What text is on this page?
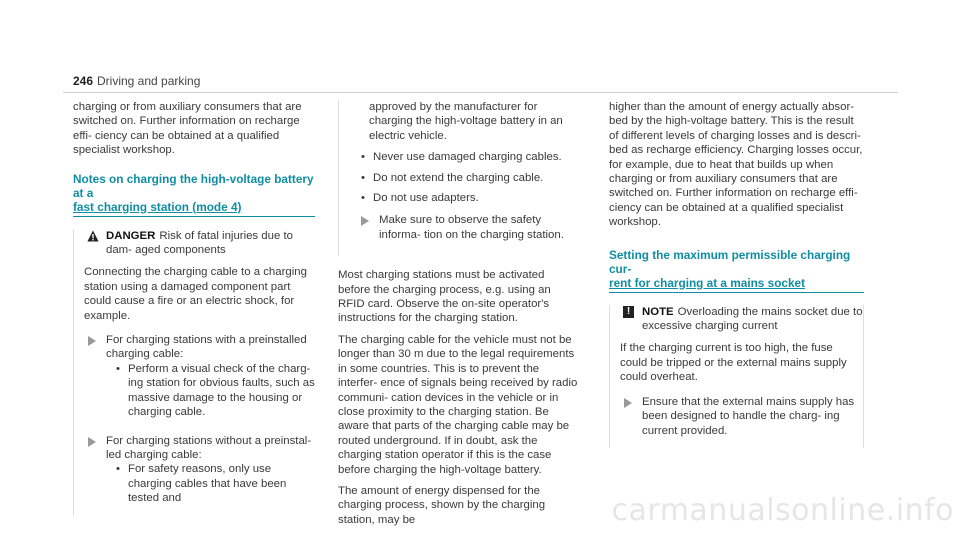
246 Driving and parking

charging or from auxiliary consumers that are switched on. Further information on recharge effi- ciency can be obtained at a qualified specialist workshop.

Notes on charging the high-voltage battery at a
fast charging station (mode 4)
DANGER Risk of fatal injuries due to dam- aged components

Connecting the charging cable to a charging station using a damaged component part could cause a fire or an electric shock, for example.

For charging stations with a preinstalled charging cable:
• Perform a visual check of the charg- ing station for obvious faults, such as massive damage to the housing or charging cable.
For charging stations without a preinstal- led charging cable:
• For safety reasons, only use charging cables that have been tested and

approved by the manufacturer for charging the high-voltage battery in an electric vehicle.

• Never use damaged charging cables.
• Do not extend the charging cable.
• Do not use adapters.
Make sure to observe the safety informa- tion on the charging station.

Most charging stations must be activated before the charging process, e.g. using an RFID card. Observe the on-site operator's instructions for the charging station.

The charging cable for the vehicle must not be longer than 30 m due to the legal requirements in some countries. This is to prevent the interfer- ence of signals being received by radio communi- cation devices in the vehicle or in close proximity to the charging station. Be aware that parts of the charging cable may be routed underground. If in doubt, ask the charging station operator if this is the case before charging the high-voltage battery.

The amount of energy dispensed for the charging process, shown by the charging station, may be

higher than the amount of energy actually absor- bed by the high-voltage battery. This is the result of different levels of charging losses and is descri- bed as recharge efficiency. Charging losses occur, for example, due to heat that builds up when charging or from auxiliary consumers that are switched on. Further information on recharge effi- ciency can be obtained at a qualified specialist workshop.

Setting the maximum permissible charging cur-
rent for charging at a mains socket
!	NOTE Overloading the mains socket due to excessive charging current

If the charging current is too high, the fuse could be tripped or the external mains supply could overheat.

Ensure that the external mains supply has been designed to handle the charg- ing current provided.
carmanualsonline.info
